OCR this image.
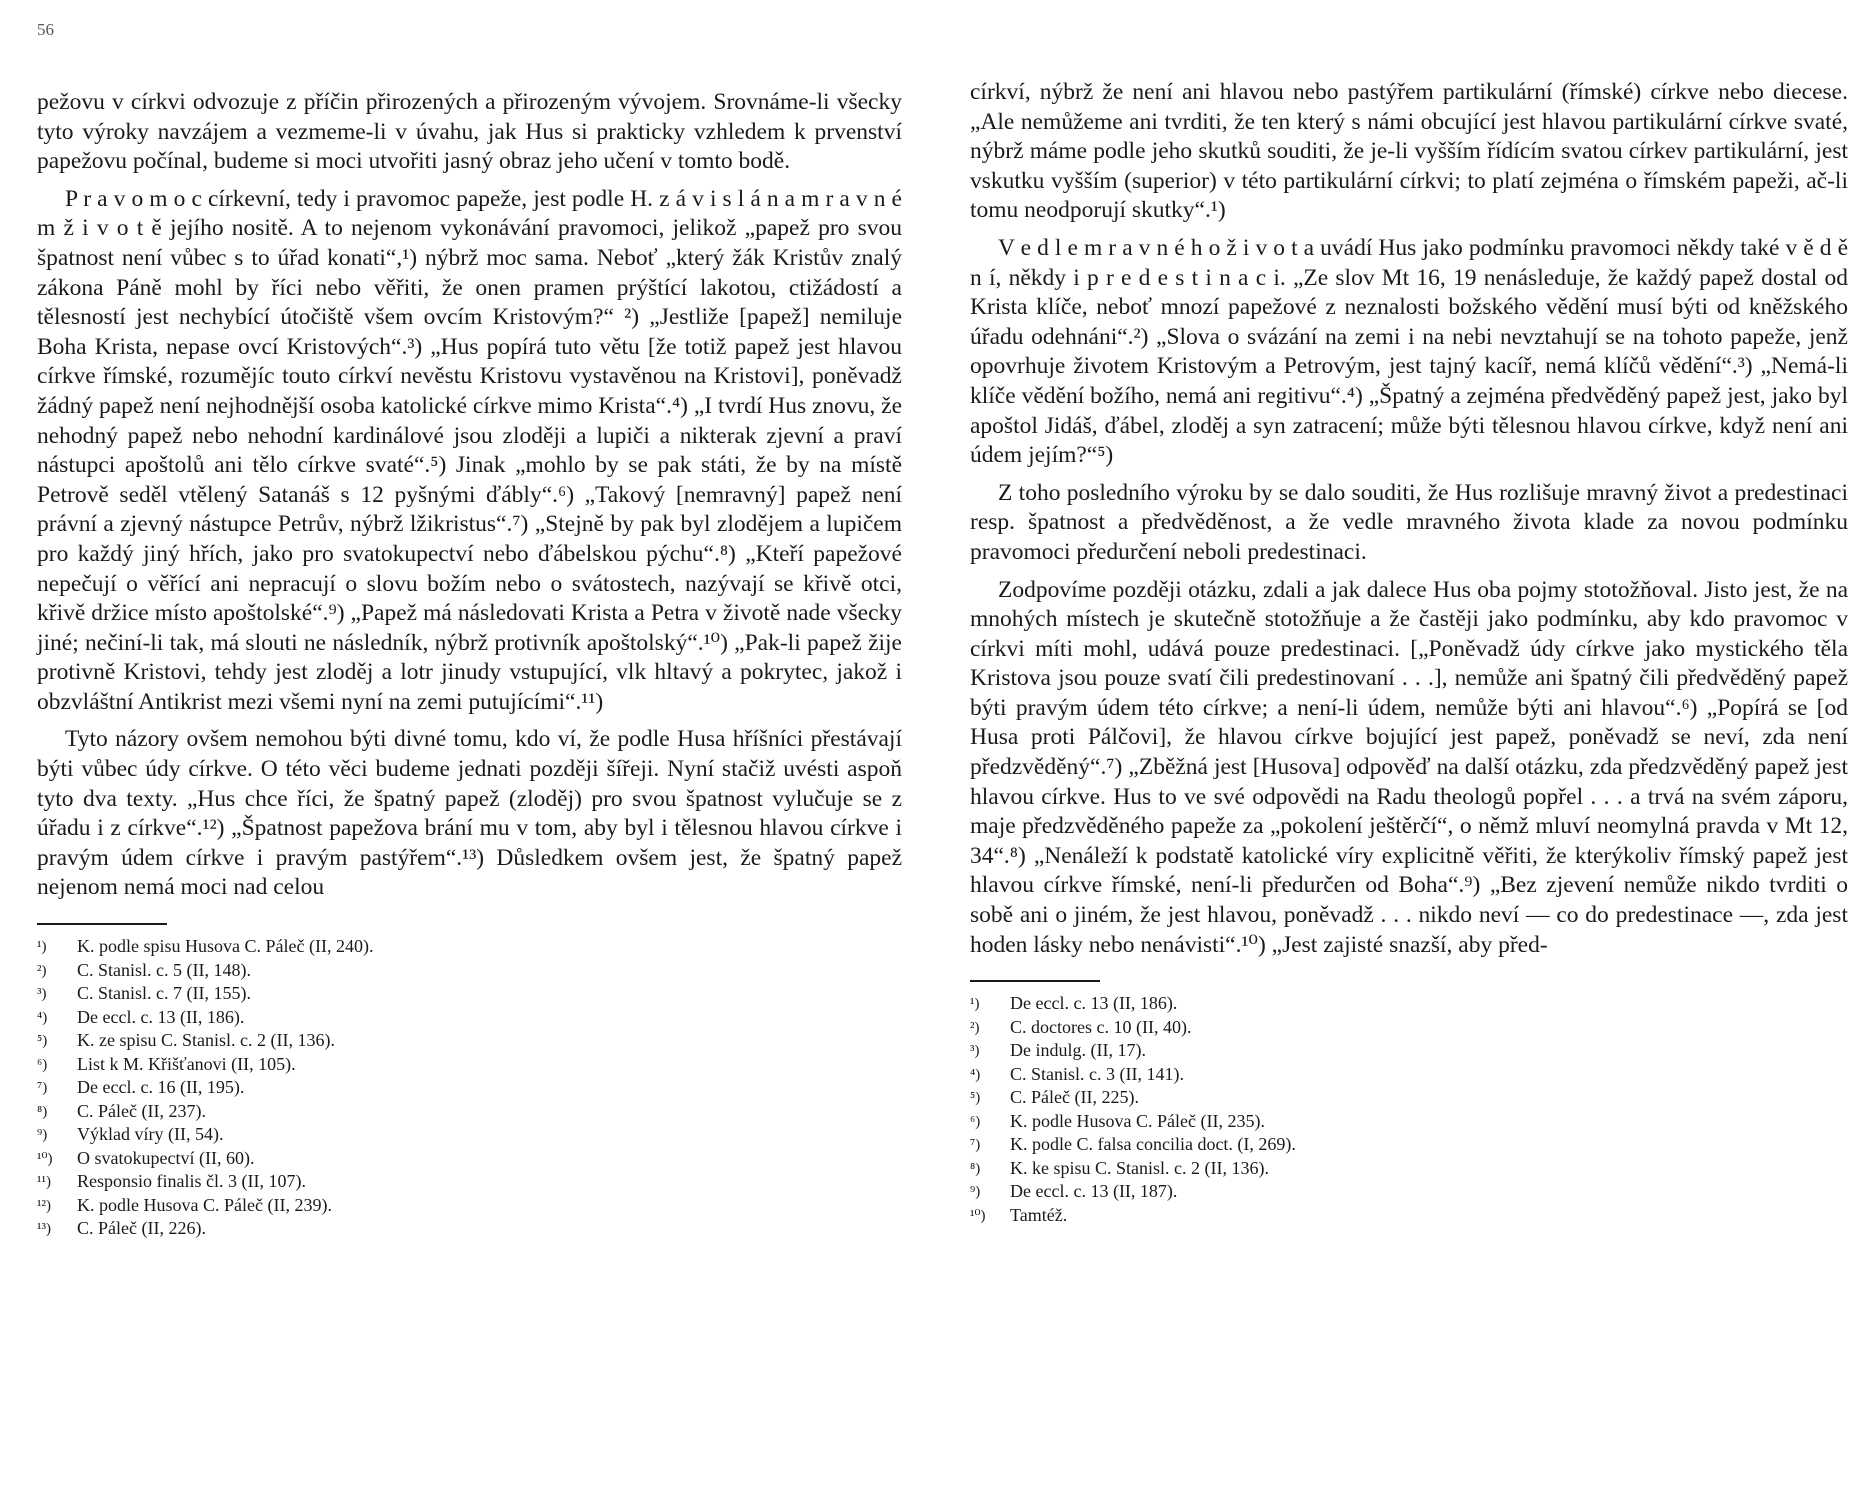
56

pežovu v církvi odvozuje z příčin přirozených a přirozeným vývojem. Srovnáme-li všecky tyto výroky navzájem a vezmeme-li v úvahu, jak Hus si prakticky vzhledem k prvenství papežovu počínal, budeme si moci utvořiti jasný obraz jeho učení v tomto bodě.

P r a v o m o c církevní, tedy i pravomoc papeže, jest podle H. z á v i s l á n a m r a v n é m ž i v o t ě jejího nositě. A to nejenom vykonávání pravomoci, jelikož „papež pro svou špatnost není vůbec s to úřad konati“,¹) nýbrž moc sama. Neboť „který žák Kristův znalý zákona Páně mohl by říci nebo věřiti, že onen pramen prýštící lakotou, ctižádostí a tělesností jest nechybící útočiště všem ovcím Kristovým?“ ²) „Jestliže [papež] nemiluje Boha Krista, nepase ovcí Kristových“.³) „Hus popírá tuto větu [že totiž papež jest hlavou církve římské, rozumějíc touto církví nevěstu Kristovu vystavěnou na Kristovi], poněvadž žádný papež není nejhodnější osoba katolické církve mimo Krista“.⁴) „I tvrdí Hus znovu, že nehodný papež nebo nehodní kardinálové jsou zloději a lupiči a nikterak zjevní a praví nástupci apoštolů ani tělo církve svaté“.⁵) Jinak „mohlo by se pak státi, že by na místě Petrově seděl vtělený Satanáš s 12 pyšnými ďábly“.⁶) „Takový [nemravný] papež není právní a zjevný nástupce Petrův, nýbrž lžikristus“.⁷) „Stejně by pak byl zlodějem a lupičem pro každý jiný hřích, jako pro svatokupectví nebo ďábelskou pýchu“.⁸) „Kteří papežové nepečují o věřící ani nepracují o slovu božím nebo o svátostech, nazývají se křivě otci, křivě držice místo apoštolské“.⁹) „Papež má následovati Krista a Petra v životě nade všecky jiné; nečiní-li tak, má slouti ne následník, nýbrž protivník apoštolský“.¹⁰) „Pak-li papež žije protivně Kristovi, tehdy jest zloděj a lotr jinudy vstupující, vlk hltavý a pokrytec, jakož i obzvláštní Antikrist mezi všemi nyní na zemi putujícími“.¹¹)

Tyto názory ovšem nemohou býti divné tomu, kdo ví, že podle Husa hříšníci přestávají býti vůbec údy církve. O této věci budeme jednati později šířeji. Nyní stačiž uvésti aspoň tyto dva texty. „Hus chce říci, že špatný papež (zloděj) pro svou špatnost vylučuje se z úřadu i z církve“.¹²) „Špatnost papežova brání mu v tom, aby byl i tělesnou hlavou církve i pravým údem církve i pravým pastýřem“.¹³) Důsledkem ovšem jest, že špatný papež nejenom nemá moci nad celou

¹)	K. podle spisu Husova C. Páleč (II, 240).
²)	C. Stanisl. c. 5 (II, 148).
³)	C. Stanisl. c. 7 (II, 155).
⁴)	De eccl. c. 13 (II, 186).
⁵)	K. ze spisu C. Stanisl. c. 2 (II, 136).
⁶)	List k M. Křišťanovi (II, 105).
⁷)	De eccl. c. 16 (II, 195).
⁸)	C. Páleč (II, 237).
⁹)	Výklad víry (II, 54).
¹⁰)	O svatokupectví (II, 60).
¹¹)	Responsio finalis čl. 3 (II, 107).
¹²)	K. podle Husova C. Páleč (II, 239).
¹³)	C. Páleč (II, 226).

církví, nýbrž že není ani hlavou nebo pastýřem partikulární (římské) církve nebo diecese. „Ale nemůžeme ani tvrditi, že ten který s námi obcující jest hlavou partikulární církve svaté, nýbrž máme podle jeho skutků souditi, že je-li vyšším řídícím svatou církev partikulární, jest vskutku vyšším (superior) v této partikulární církvi; to platí zejména o římském papeži, ač-li tomu neodporují skutky“.¹)

V e d l e m r a v n é h o ž i v o t a uvádí Hus jako podmínku pravomoci někdy také v ě d ě n í, někdy i p r e d e s t i n a c i. „Ze slov Mt 16, 19 nenásleduje, že každý papež dostal od Krista klíče, neboť mnozí papežové z neznalosti božského vědění musí býti od kněžského úřadu odehnáni“.²) „Slova o svázání na zemi i na nebi nevztahují se na tohoto papeže, jenž opovrhuje životem Kristovým a Petrovým, jest tajný kacíř, nemá klíčů vědění“.³) „Nemá-li klíče vědění božího, nemá ani regitivu“.⁴) „Špatný a zejména předvěděný papež jest, jako byl apoštol Jidáš, ďábel, zloděj a syn zatracení; může býti tělesnou hlavou církve, když není ani údem jejím?“⁵)

Z toho posledního výroku by se dalo souditi, že Hus rozlišuje mravný život a predestinaci resp. špatnost a předvěděnost, a že vedle mravného života klade za novou podmínku pravomoci předurčení neboli predestinaci.

Zodpovíme později otázku, zdali a jak dalece Hus oba pojmy stotožňoval. Jisto jest, že na mnohých místech je skutečně stotožňuje a že častěji jako podmínku, aby kdo pravomoc v církvi míti mohl, udává pouze predestinaci. [„Poněvadž údy církve jako mystického těla Kristova jsou pouze svatí čili predestinovaní . . .], nemůže ani špatný čili předvěděný papež býti pravým údem této církve; a není-li údem, nemůže býti ani hlavou“.⁶) „Popírá se [od Husa proti Pálčovi], že hlavou církve bojující jest papež, poněvadž se neví, zda není předzvěděný“.⁷) „Zběžná jest [Husova] odpověď na další otázku, zda předzvěděný papež jest hlavou církve. Hus to ve své odpovědi na Radu theologů popřel . . . a trvá na svém záporu, maje předzvěděného papeže za „pokolení ještěrčí“, o němž mluví neomylná pravda v Mt 12, 34“.⁸) „Nenáleží k podstatě katolické víry explicitně věřiti, že kterýkoliv římský papež jest hlavou církve římské, není-li předurčen od Boha“.⁹) „Bez zjevení nemůže nikdo tvrditi o sobě ani o jiném, že jest hlavou, poněvadž . . . nikdo neví — co do predestinace —, zda jest hoden lásky nebo nenávisti“.¹⁰) „Jest zajisté snazší, aby před-

¹)	De eccl. c. 13 (II, 186).
²)	C. doctores c. 10 (II, 40).
³)	De indulg. (II, 17).
⁴)	C. Stanisl. c. 3 (II, 141).
⁵)	C. Páleč (II, 225).
⁶)	K. podle Husova C. Páleč (II, 235).
⁷)	K. podle C. falsa concilia doct. (I, 269).
⁸)	K. ke spisu C. Stanisl. c. 2 (II, 136).
⁹)	De eccl. c. 13 (II, 187).
¹⁰)	Tamtéž.
